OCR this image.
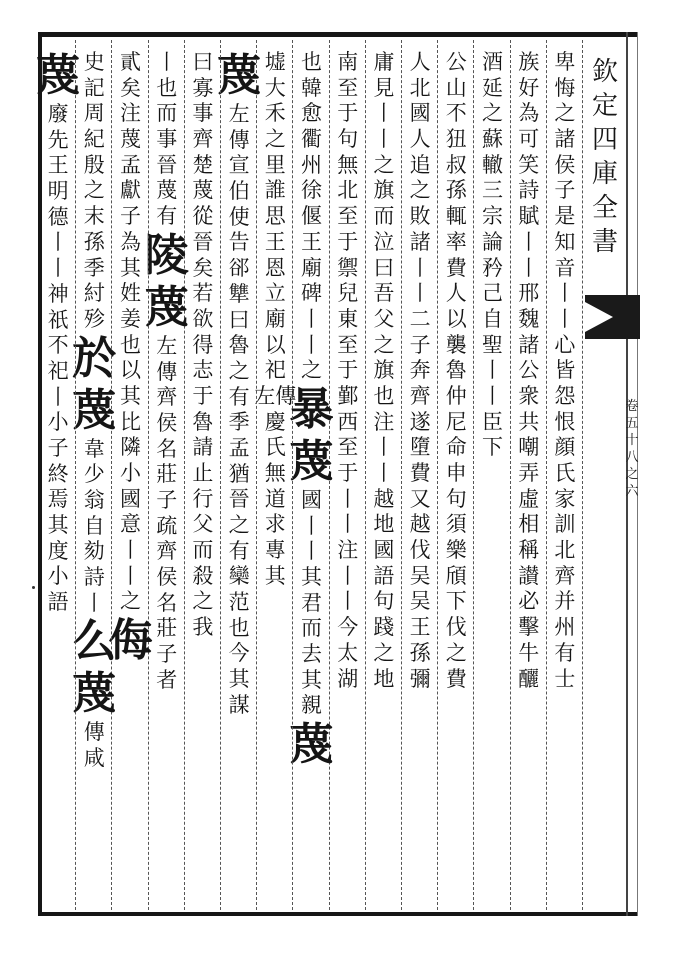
欽
定
四
庫
全
書
卷
五
十
八
之
六
卑
悔
之
諸
侯
子
是
知
音
丨
丨
心
皆
怨
恨
顔
氏
家
訓
北
齊
并
州
有
士
族
好
為
可
笑
詩
賦
丨
丨
邢
魏
諸
公
衆
共
嘲
弄
虛
相
稱
讃
必
擊
牛
釃
酒
延
之
蘇
轍
三
宗
論
矜
己
自
聖
丨
丨
臣
下
公
山
不
狃
叔
孫
輒
率
費
人
以
襲
魯
仲
尼
命
申
句
須
樂
頎
下
伐
之
費
人
北
國
人
追
之
敗
諸
丨
丨
二
子
奔
齊
遂
墮
費
又
越
伐
吴
吴
王
孫
彌
庸
見
丨
丨
之
旗
而
泣
曰
吾
父
之
旗
也
注
丨
丨
越
地
國
語
句
踐
之
地
南
至
于
句
無
北
至
于
禦
兒
東
至
于
鄞
西
至
于
丨
丨
注
丨
丨
今
太
湖
也
韓
愈
衢
州
徐
偃
王
廟
碑
丨
丨
之
暴
蔑
國
丨
丨
其
君
而
去
其
親
蔑
墟
大
禾
之
里
誰
思
王
恩
立
廟
以
祀
左傳
慶
氏
無
道
求
專
其
蔑
左
傳
宣
伯
使
告
郤
犨
曰
魯
之
有
季
孟
猶
晉
之
有
欒
范
也
今
其
謀
曰
寡
事
齊
楚
蔑
從
晉
矣
若
欲
得
志
于
魯
請
止
行
父
而
殺
之
我
丨
也
而
事
晉
蔑
有
陵
蔑
左
傳
齊
侯
名
莊
子
疏
齊
侯
名
莊
子
者
貳
矣
注
蔑
孟
獻
子
為
其
姓
姜
也
以
其
比
隣
小
國
意
丨
丨
之
侮
史
記
周
紀
殷
之
末
孫
季
紂
殄
於
蔑
韋
少
翁
自
劾
詩
丨
么
蔑
傳
咸
蔑
廢
先
王
明
德
丨
丨
神
祇
不
祀
丨
小
子
終
焉
其
度
小
語
